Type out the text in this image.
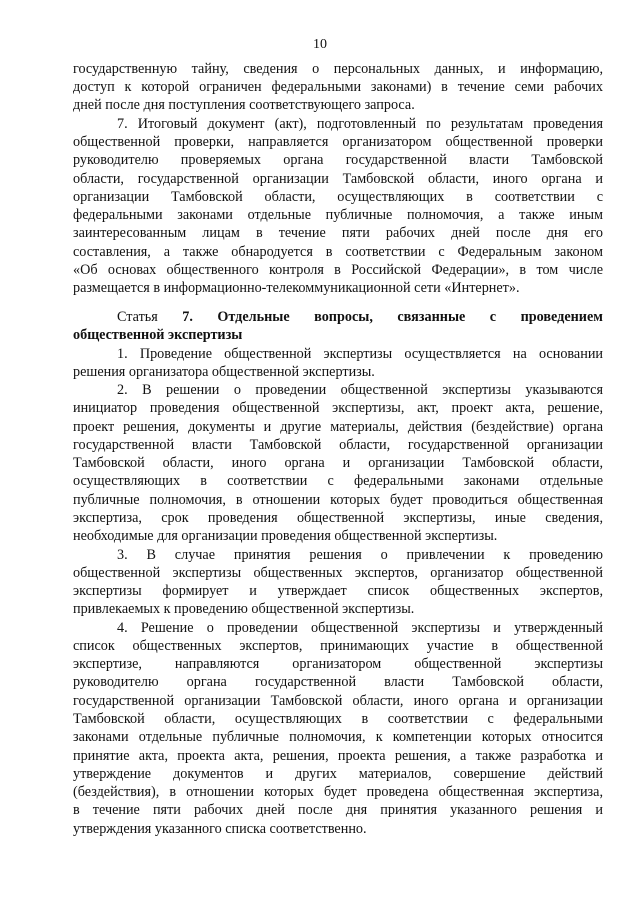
10
государственную тайну, сведения о персональных данных, и информацию,
доступ к которой ограничен федеральными законами) в течение семи рабочих
дней после дня поступления соответствующего запроса.
7. Итоговый документ (акт), подготовленный по результатам проведения
общественной проверки, направляется организатором общественной проверки
руководителю проверяемых органа государственной власти Тамбовской
области, государственной организации Тамбовской области, иного органа и
организации Тамбовской области, осуществляющих в соответствии с
федеральными законами отдельные публичные полномочия, а также иным
заинтересованным лицам в течение пяти рабочих дней после дня его
составления, а также обнародуется в соответствии с Федеральным законом
«Об основах общественного контроля в Российской Федерации», в том числе
размещается в информационно-телекоммуникационной сети «Интернет».
Статья 7. Отдельные вопросы, связанные с проведением
общественной экспертизы
1. Проведение общественной экспертизы осуществляется на основании
решения организатора общественной экспертизы.
2. В решении о проведении общественной экспертизы указываются
инициатор проведения общественной экспертизы, акт, проект акта, решение,
проект решения, документы и другие материалы, действия (бездействие) органа
государственной власти Тамбовской области, государственной организации
Тамбовской области, иного органа и организации Тамбовской области,
осуществляющих в соответствии с федеральными законами отдельные
публичные полномочия, в отношении которых будет проводиться общественная
экспертиза, срок проведения общественной экспертизы, иные сведения,
необходимые для организации проведения общественной экспертизы.
3. В случае принятия решения о привлечении к проведению
общественной экспертизы общественных экспертов, организатор общественной
экспертизы формирует и утверждает список общественных экспертов,
привлекаемых к проведению общественной экспертизы.
4. Решение о проведении общественной экспертизы и утвержденный
список общественных экспертов, принимающих участие в общественной
экспертизе, направляются организатором общественной экспертизы
руководителю органа государственной власти Тамбовской области,
государственной организации Тамбовской области, иного органа и организации
Тамбовской области, осуществляющих в соответствии с федеральными
законами отдельные публичные полномочия, к компетенции которых относится
принятие акта, проекта акта, решения, проекта решения, а также разработка и
утверждение документов и других материалов, совершение действий
(бездействия), в отношении которых будет проведена общественная экспертиза,
в течение пяти рабочих дней после дня принятия указанного решения и
утверждения указанного списка соответственно.
